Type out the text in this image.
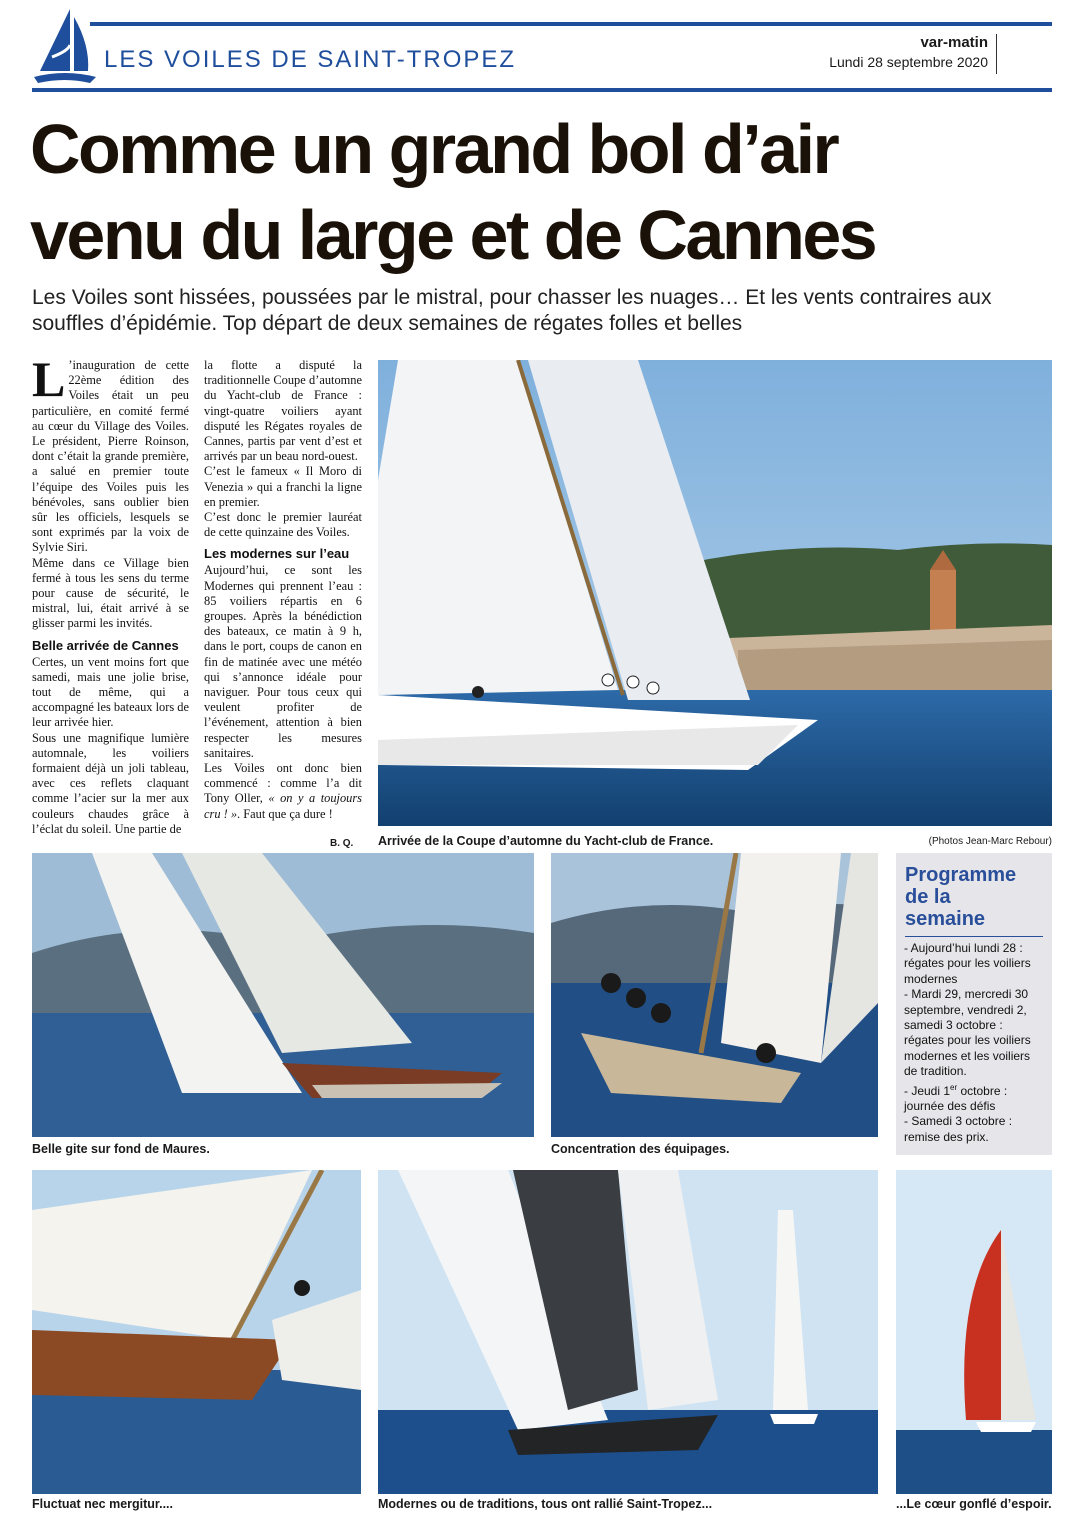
LES VOILES DE SAINT-TROPEZ
var-matin
Lundi 28 septembre 2020
Comme un grand bol d’air
venu du large et de Cannes
Les Voiles sont hissées, poussées par le mistral, pour chasser les nuages… Et les vents contraires aux souffles d’épidémie. Top départ de deux semaines de régates folles et belles

L ’inauguration de cette 22ème édition des Voiles était un peu particulière, en comité fermé au cœur du Village des Voiles. Le président, Pierre Roinson, dont c’était la grande première, a salué en premier toute l’équipe des Voiles puis les bénévoles, sans oublier bien sûr les officiels, lesquels se sont exprimés par la voix de Sylvie Siri.

Même dans ce Village bien fermé à tous les sens du terme pour cause de sécurité, le mistral, lui, était arrivé à se glisser parmi les invités.

Belle arrivée de Cannes

Certes, un vent moins fort que samedi, mais une jolie brise, tout de même, qui a accompagné les bateaux lors de leur arrivée hier.

Sous une magnifique lumière automnale, les voiliers formaient déjà un joli tableau, avec ces reflets claquant comme l’acier sur la mer aux couleurs chaudes grâce à l’éclat du soleil. Une partie de

la flotte a disputé la traditionnelle Coupe d’automne du Yacht-club de France : vingt-quatre voiliers ayant disputé les Régates royales de Cannes, partis par vent d’est et arrivés par un beau nord-ouest.

C’est le fameux « Il Moro di Venezia » qui a franchi la ligne en premier.

C’est donc le premier lauréat de cette quinzaine des Voiles.

Les modernes sur l’eau

Aujourd’hui, ce sont les Modernes qui prennent l’eau : 85 voiliers répartis en 6 groupes. Après la bénédiction des bateaux, ce matin à 9 h, dans le port, coups de canon en fin de matinée avec une météo qui s’annonce idéale pour naviguer. Pour tous ceux qui veulent profiter de l’événement, attention à bien respecter les mesures sanitaires.

Les Voiles ont donc bien commencé : comme l’a dit Tony Oller, « on y a toujours cru ! ». Faut que ça dure !

B. Q. Arrivée de la Coupe d’automne du Yacht-club de France.	(Photos Jean-Marc Rebour)
Belle gite sur fond de Maures.	Concentration des équipages.
Programme
de la
semaine
- Aujourd’hui lundi 28 : régates pour les voiliers modernes
- Mardi 29, mercredi 30 septembre, vendredi 2, samedi 3 octobre : régates pour les voiliers modernes et les voiliers de tradition.
- Jeudi 1er octobre : journée des défis
- Samedi 3 octobre : remise des prix.
Fluctuat nec mergitur....	Modernes ou de traditions, tous ont rallié Saint-Tropez...	...Le cœur gonflé d’espoir.
